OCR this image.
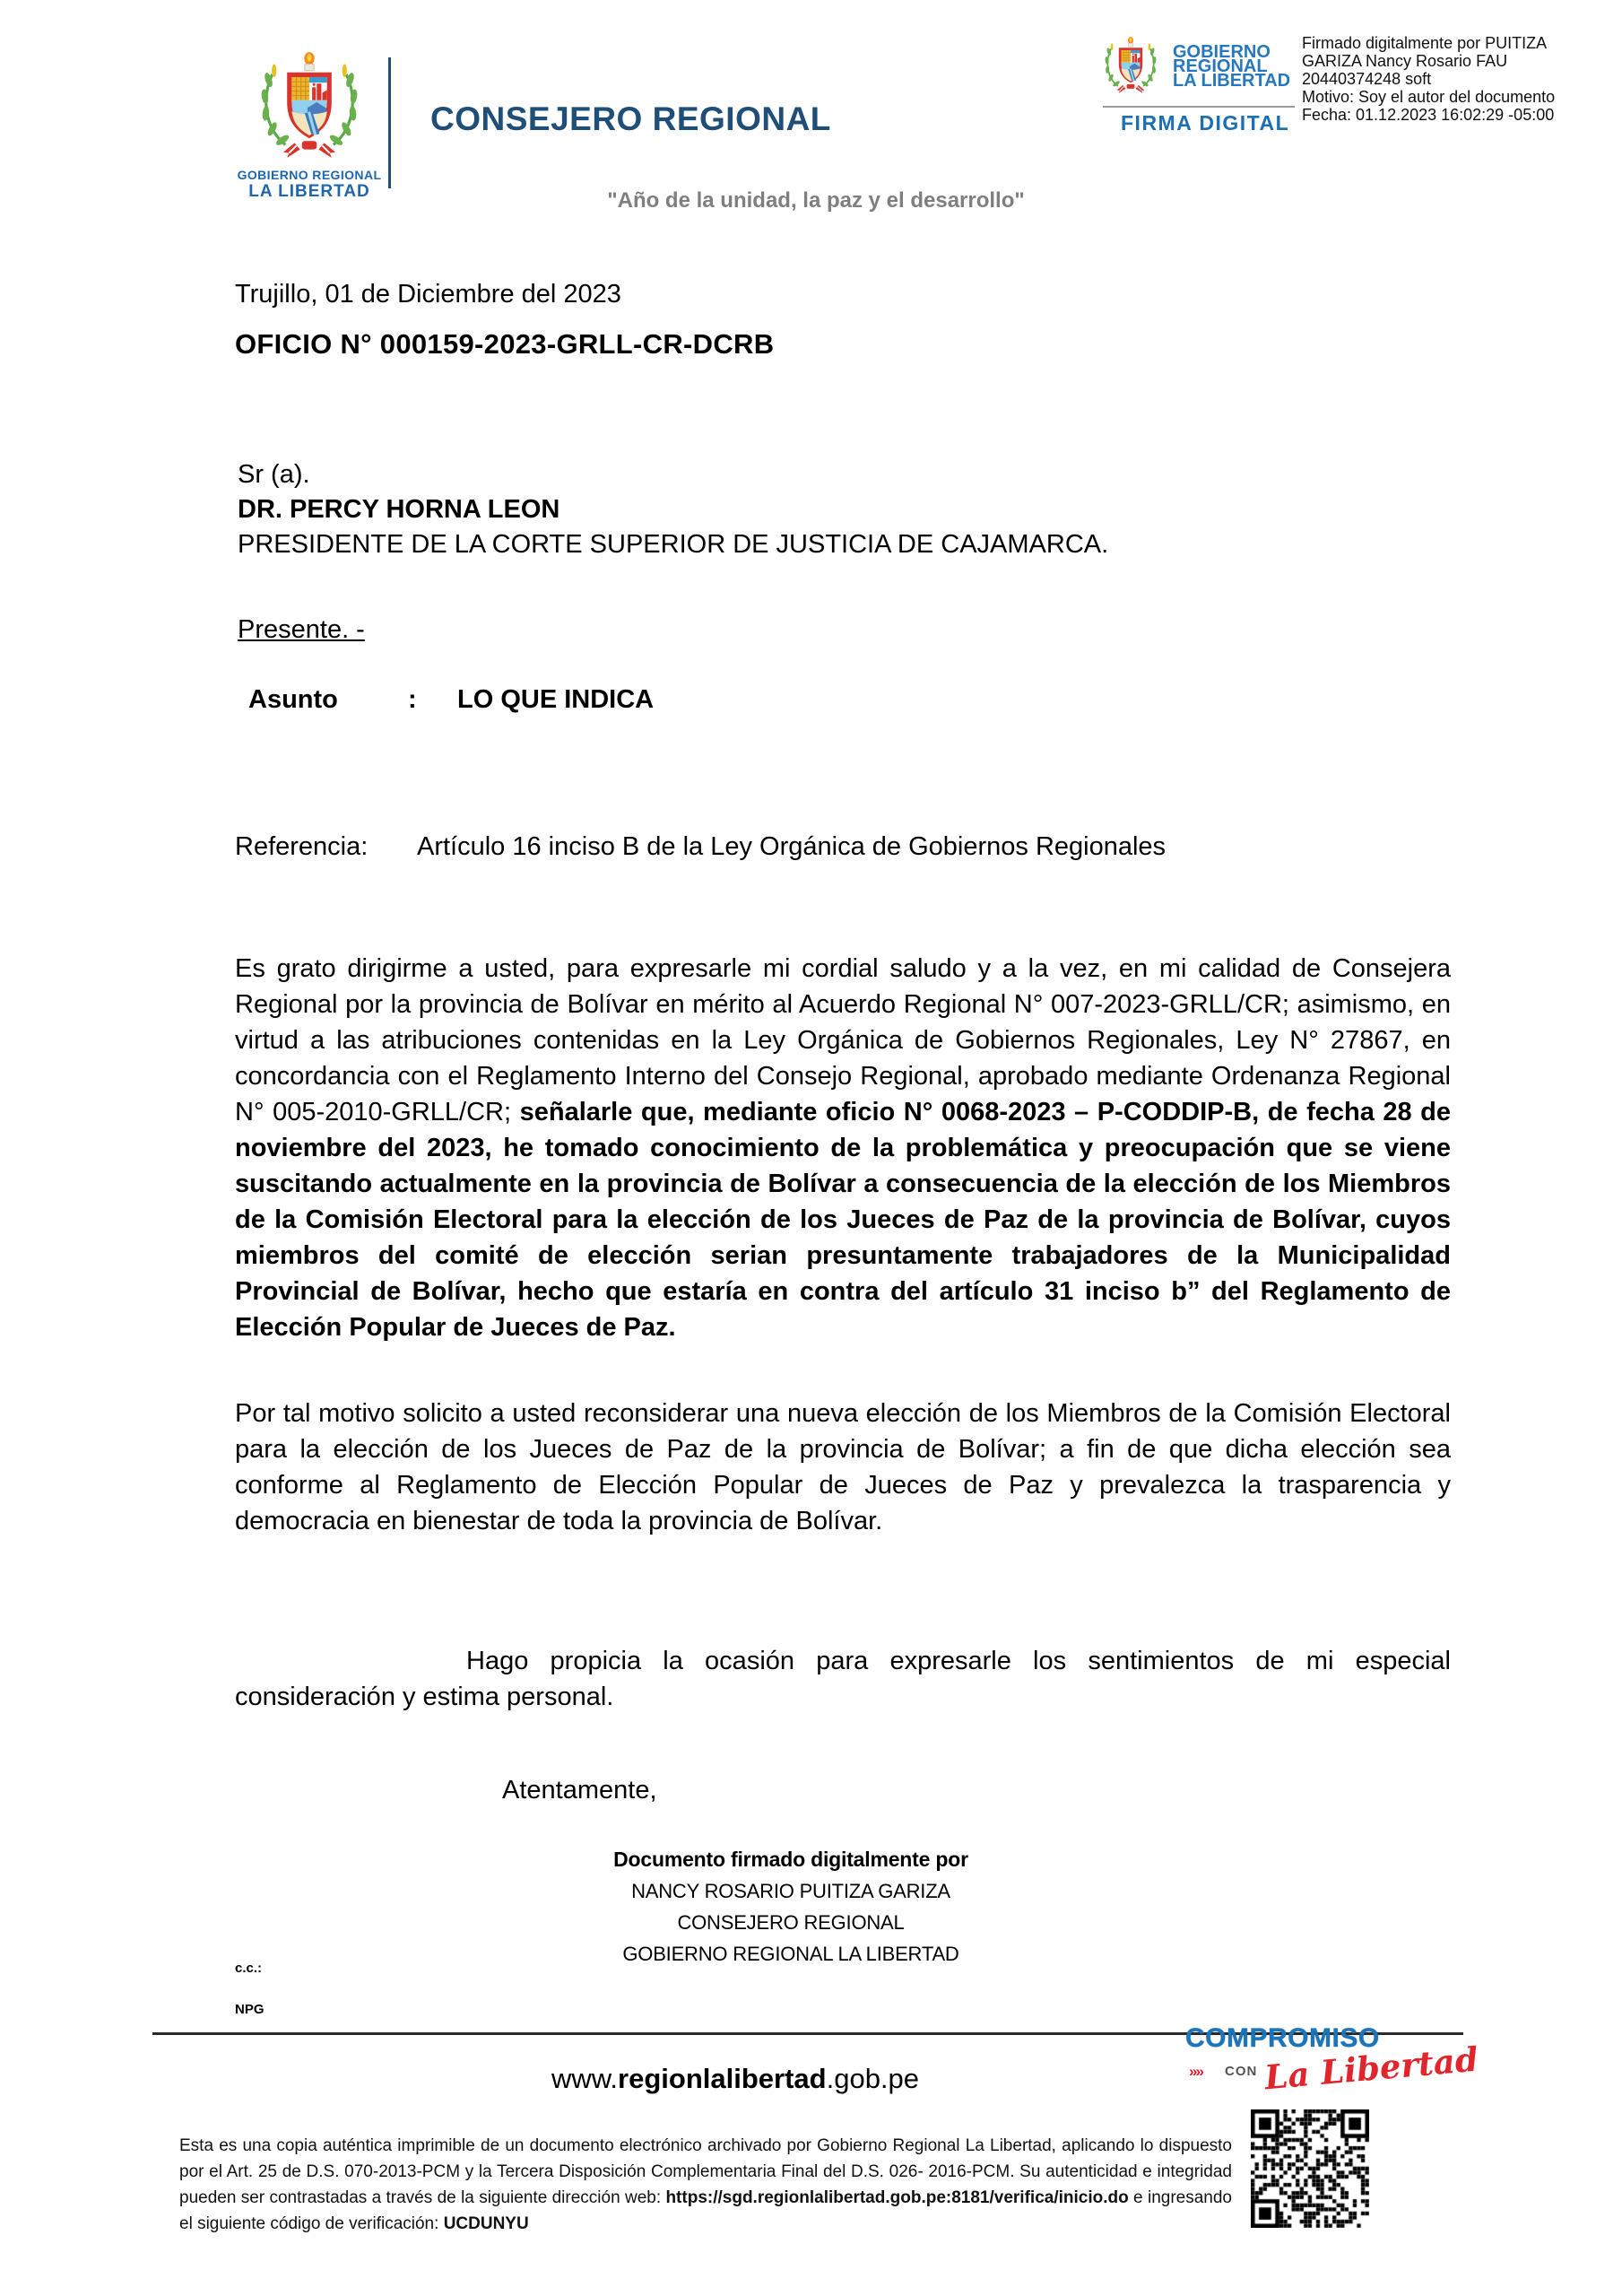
GOBIERNO REGIONAL
LA LIBERTAD
CONSEJERO REGIONAL
"Año de la unidad, la paz y el desarrollo"
GOBIERNO
REGIONAL
LA LIBERTAD
FIRMA DIGITAL
Firmado digitalmente por PUITIZA
GARIZA Nancy Rosario FAU
20440374248 soft
Motivo: Soy el autor del documento
Fecha: 01.12.2023 16:02:29 -05:00
Trujillo, 01 de Diciembre del 2023
OFICIO N° 000159-2023-GRLL-CR-DCRB
Sr (a).
DR. PERCY HORNA LEON
PRESIDENTE DE LA CORTE SUPERIOR DE JUSTICIA DE CAJAMARCA.
Presente. -
Asunto	: LO QUE INDICA
Referencia: Artículo 16 inciso B de la Ley Orgánica de Gobiernos Regionales

Es grato dirigirme a usted, para expresarle mi cordial saludo y a la vez, en mi calidad de Consejera Regional por la provincia de Bolívar en mérito al Acuerdo Regional N° 007-2023-GRLL/CR; asimismo, en virtud a las atribuciones contenidas en la Ley Orgánica de Gobiernos Regionales, Ley N° 27867, en concordancia con el Reglamento Interno del Consejo Regional, aprobado mediante Ordenanza Regional N° 005-2010-GRLL/CR; señalarle que, mediante oficio N° 0068-2023 – P-CODDIP-B, de fecha 28 de noviembre del 2023, he tomado conocimiento de la problemática y preocupación que se viene suscitando actualmente en la provincia de Bolívar a consecuencia de la elección de los Miembros de la Comisión Electoral para la elección de los Jueces de Paz de la provincia de Bolívar, cuyos miembros del comité de elección serian presuntamente trabajadores de la Municipalidad Provincial de Bolívar, hecho que estaría en contra del artículo 31 inciso b” del Reglamento de Elección Popular de Jueces de Paz.

Por tal motivo solicito a usted reconsiderar una nueva elección de los Miembros de la Comisión Electoral para la elección de los Jueces de Paz de la provincia de Bolívar; a fin de que dicha elección sea conforme al Reglamento de Elección Popular de Jueces de Paz y prevalezca la trasparencia y democracia en bienestar de toda la provincia de Bolívar.

Hago propicia la ocasión para expresarle los sentimientos de mi especial consideración y estima personal.

Atentamente,
Documento firmado digitalmente por
NANCY ROSARIO PUITIZA GARIZA
CONSEJERO REGIONAL
GOBIERNO REGIONAL LA LIBERTAD
c.c.:
NPG
www.regionlalibertad.gob.pe
COMPROMISO
»» CON La Libertad

Esta es una copia auténtica imprimible de un documento electrónico archivado por Gobierno Regional La Libertad, aplicando lo dispuesto por el Art. 25 de D.S. 070-2013-PCM y la Tercera Disposición Complementaria Final del D.S. 026- 2016-PCM. Su autenticidad e integridad pueden ser contrastadas a través de la siguiente dirección web: https://sgd.regionlalibertad.gob.pe:8181/verifica/inicio.do e ingresando el siguiente código de verificación: UCDUNYU
